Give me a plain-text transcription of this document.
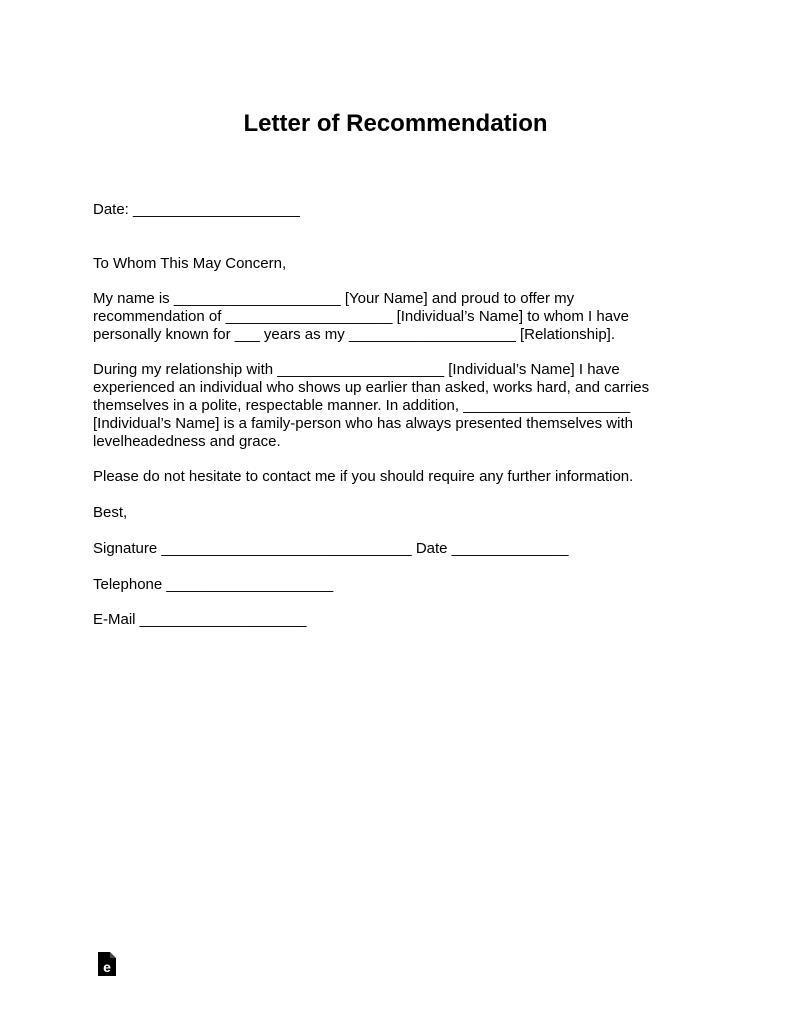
Letter of Recommendation
Date: ____________________
To Whom This May Concern,
My name is ____________________ [Your Name] and proud to offer my
recommendation of ____________________ [Individual’s Name] to whom I have
personally known for ___ years as my ____________________ [Relationship].
During my relationship with ____________________ [Individual’s Name] I have
experienced an individual who shows up earlier than asked, works hard, and carries
themselves in a polite, respectable manner. In addition, ____________________
[Individual’s Name] is a family-person who has always presented themselves with
levelheadedness and grace.
Please do not hesitate to contact me if you should require any further information.
Best,
Signature ______________________________ Date ______________
Telephone ____________________
E-Mail ____________________
e
